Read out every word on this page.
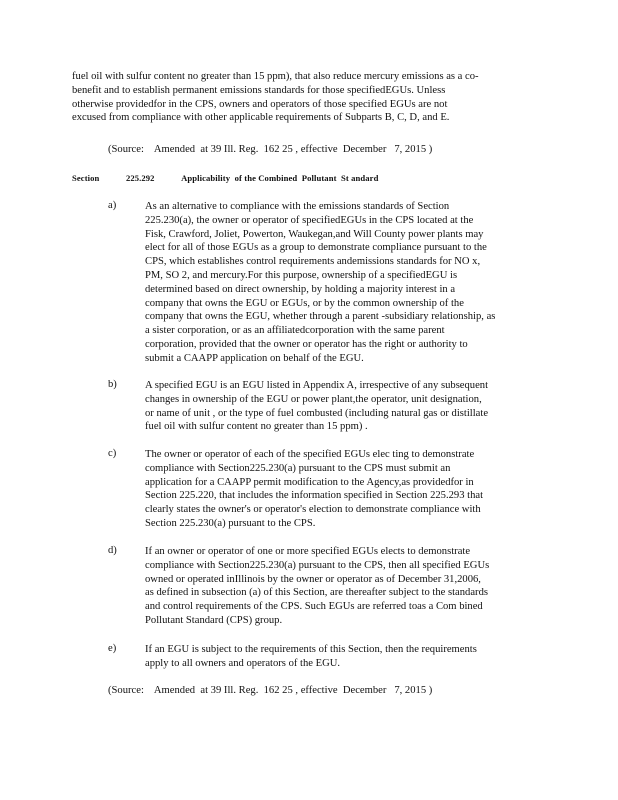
fuel oil with sulfur content no greater than 15 ppm), that also reduce mercury emissions as a co-
benefit and to establish permanent emissions standards for those specifiedEGUs. Unless
otherwise providedfor in the CPS, owners and operators of those specified EGUs are not
excused from compliance with other applicable requirements of Subparts B, C, D, and E.
(Source:    Amended  at 39 Ill. Reg.  162 25 , effective  December   7, 2015 )
Section	225.292	Applicability  of the Combined  Pollutant  St andard
a)	As an alternative to compliance with the emissions standards of Section
225.230(a), the owner or operator of specifiedEGUs in the CPS located at the
Fisk, Crawford, Joliet, Powerton, Waukegan,and Will County power plants may
elect for all of those EGUs as a group to demonstrate compliance pursuant to the
CPS, which establishes control requirements andemissions standards for NO x,
PM, SO 2, and mercury.For this purpose, ownership of a specifiedEGU is
determined based on direct ownership, by holding a majority interest in a
company that owns the EGU or EGUs, or by the common ownership of the
company that owns the EGU, whether through a parent -subsidiary relationship, as
a sister corporation, or as an affiliatedcorporation with the same parent
corporation, provided that the owner or operator has the right or authority to
submit a CAAPP application on behalf of the EGU.
b)	A specified EGU is an EGU listed in Appendix A, irrespective of any subsequent
changes in ownership of the EGU or power plant,the operator, unit designation,
or name of unit , or the type of fuel combusted (including natural gas or distillate
fuel oil with sulfur content no greater than 15 ppm) .
c)	The owner or operator of each of the specified EGUs elec ting to demonstrate
compliance with Section225.230(a) pursuant to the CPS must submit an
application for a CAAPP permit modification to the Agency,as providedfor in
Section 225.220, that includes the information specified in Section 225.293 that
clearly states the owner's or operator's election to demonstrate compliance with
Section 225.230(a) pursuant to the CPS.
d)	If an owner or operator of one or more specified EGUs elects to demonstrate
compliance with Section225.230(a) pursuant to the CPS, then all specified EGUs
owned or operated inIllinois by the owner or operator as of December 31,2006,
as defined in subsection (a) of this Section, are thereafter subject to the standards
and control requirements of the CPS. Such EGUs are referred toas a Com bined
Pollutant Standard (CPS) group.
e)	If an EGU is subject to the requirements of this Section, then the requirements
apply to all owners and operators of the EGU.
(Source:    Amended  at 39 Ill. Reg.  162 25 , effective  December   7, 2015 )
